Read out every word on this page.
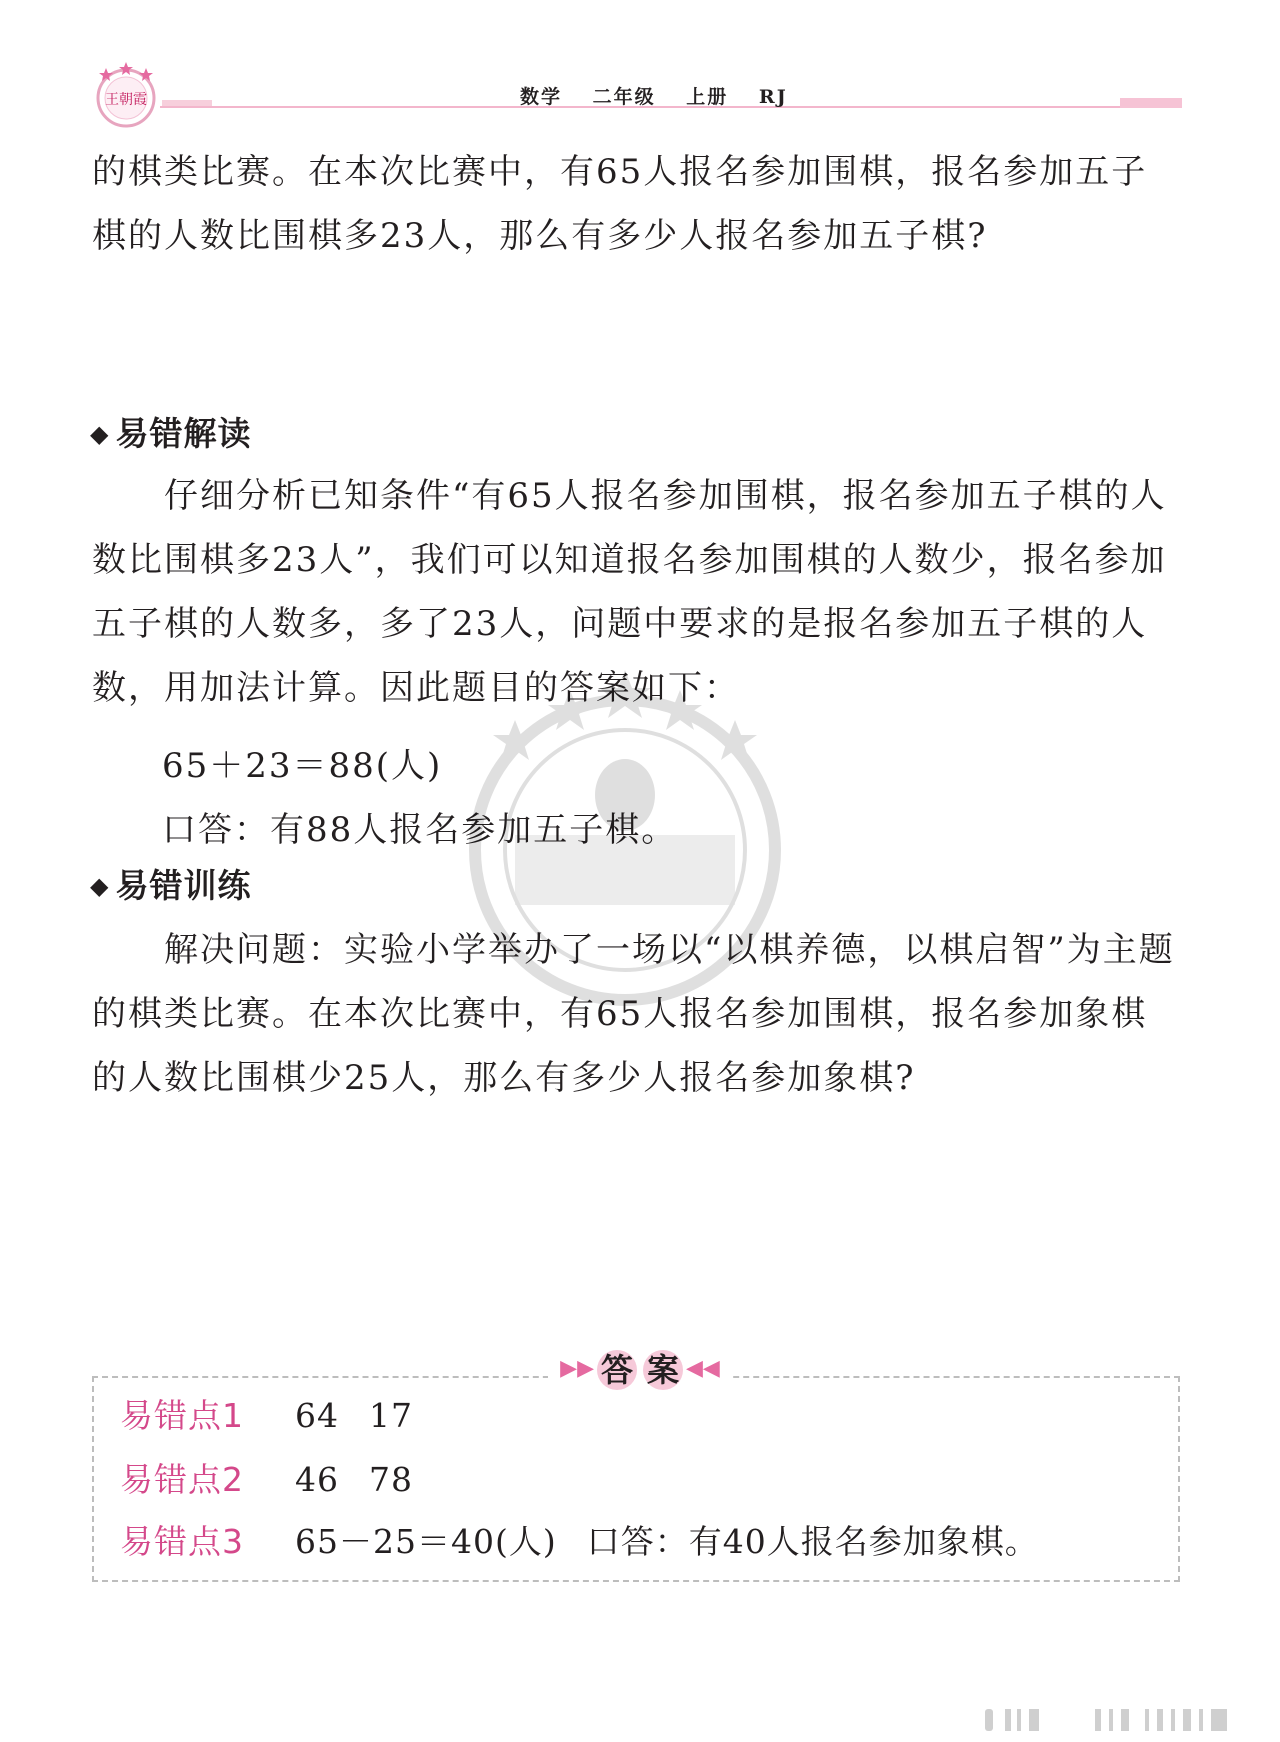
王朝霞	数学 二年级 上册 RJ

的棋类比赛。在本次比赛中，有65人报名参加围棋，报名参加五子棋的人数比围棋多23人，那么有多少人报名参加五子棋?

◆ 易错解读

仔细分析已知条件“有65人报名参加围棋，报名参加五子棋的人数比围棋多23人”，我们可以知道报名参加围棋的人数少，报名参加五子棋的人数多，多了23人，问题中要求的是报名参加五子棋的人数，用加法计算。因此题目的答案如下：

65＋23＝88(人)
口答：有88人报名参加五子棋。
◆ 易错训练

解决问题：实验小学举办了一场以“以棋养德，以棋启智”为主题的棋类比赛。在本次比赛中，有65人报名参加围棋，报名参加象棋的人数比围棋少25人，那么有多少人报名参加象棋?

▶▶ 答 案 ◀◀
易错点1 64 17
易错点2 46 78
易错点3 65－25＝40(人) 口答：有40人报名参加象棋。
